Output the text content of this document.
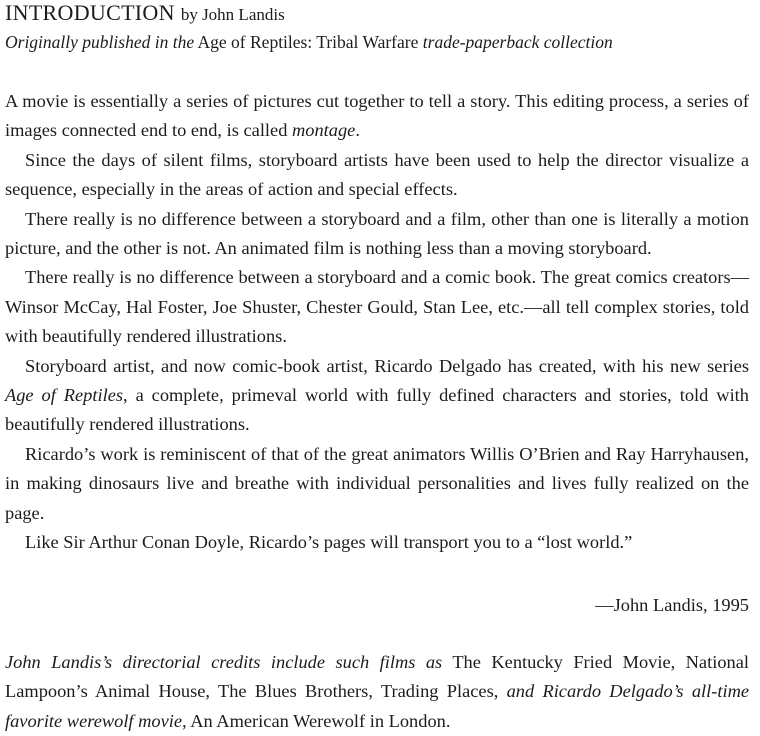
INTRODUCTION by John Landis
Originally published in the Age of Reptiles: Tribal Warfare trade-paperback collection

A movie is essentially a series of pictures cut together to tell a story. This editing process, a series of images connected end to end, is called montage.

Since the days of silent films, storyboard artists have been used to help the director visualize a sequence, especially in the areas of action and special effects.

There really is no difference between a storyboard and a film, other than one is literally a motion picture, and the other is not. An animated film is nothing less than a moving storyboard.

There really is no difference between a storyboard and a comic book. The great comics creators—Winsor McCay, Hal Foster, Joe Shuster, Chester Gould, Stan Lee, etc.—all tell complex stories, told with beautifully rendered illustrations.

Storyboard artist, and now comic-book artist, Ricardo Delgado has created, with his new series Age of Reptiles, a complete, primeval world with fully defined characters and stories, told with beautifully rendered illustrations.

Ricardo’s work is reminiscent of that of the great animators Willis O’Brien and Ray Harryhausen, in making dinosaurs live and breathe with individual personalities and lives fully realized on the page.

Like Sir Arthur Conan Doyle, Ricardo’s pages will transport you to a “lost world.”

—John Landis, 1995

John Landis’s directorial credits include such films as The Kentucky Fried Movie, National Lampoon’s Animal House, The Blues Brothers, Trading Places, and Ricardo Delgado’s all-time favorite werewolf movie, An American Werewolf in London.
